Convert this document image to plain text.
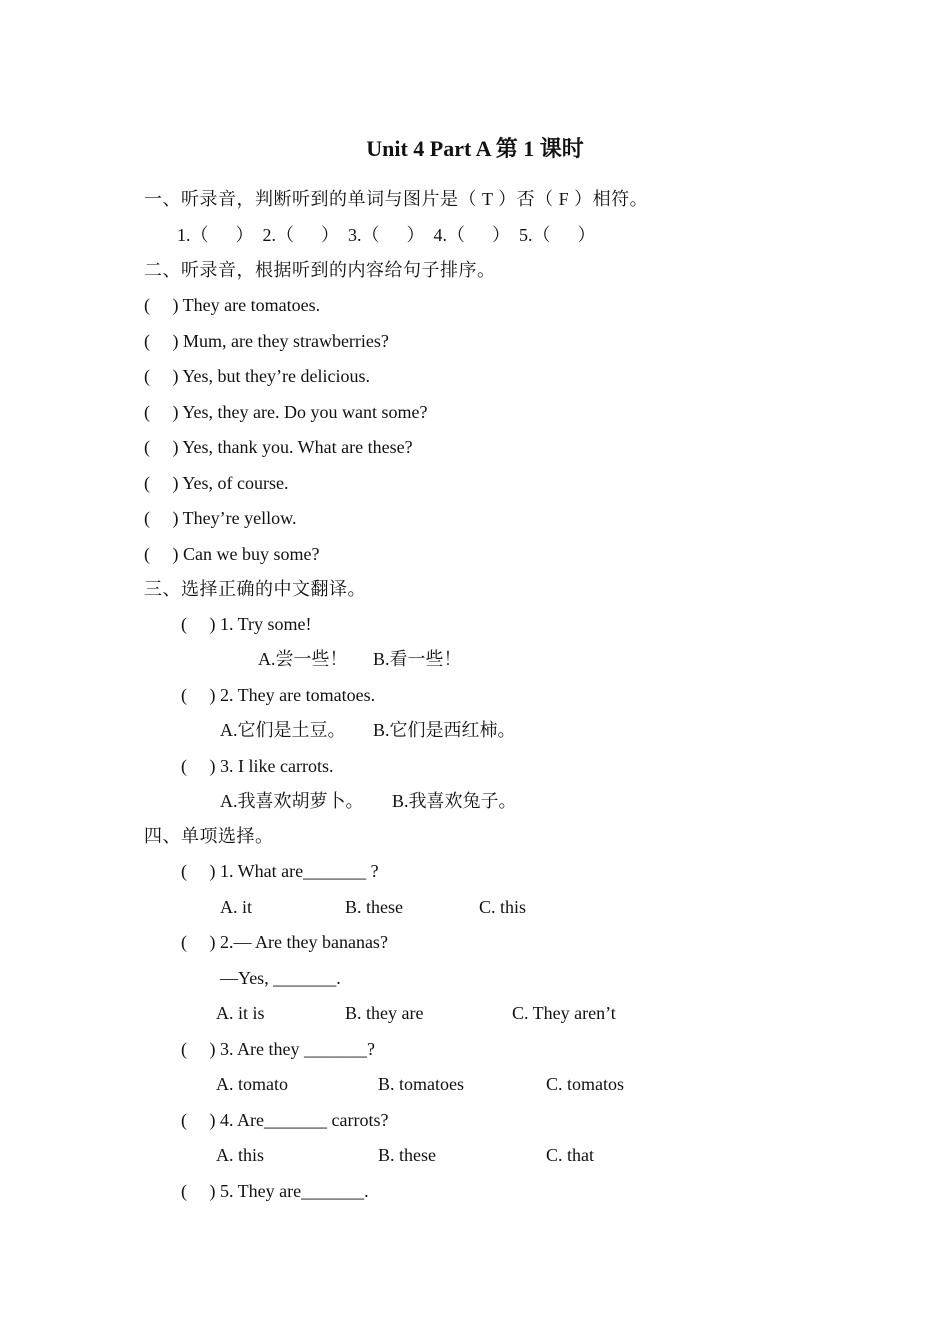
Unit 4 Part A 第 1 课时
一、听录音，判断听到的单词与图片是（ T ）否（ F ）相符。
1.（      ）  2.（      ）  3.（      ）  4.（      ）  5.（      ）
二、听录音，根据听到的内容给句子排序。
(     ) They are tomatoes.
(     ) Mum, are they strawberries?
(     ) Yes, but they’re delicious.
(     ) Yes, they are. Do you want some?
(     ) Yes, thank you. What are these?
(     ) Yes, of course.
(     ) They’re yellow.
(     ) Can we buy some?
三、选择正确的中文翻译。
(     ) 1. Try some!
A.尝一些！ B.看一些！
(     ) 2. They are tomatoes.
A.它们是土豆。 B.它们是西红柿。
(     ) 3. I like carrots.
A.我喜欢胡萝卜。 B.我喜欢兔子。
四、单项选择。
(     ) 1. What are_______ ?
A. it	B. these	C. this
(     ) 2.— Are they bananas?
—Yes, _______.
A. it is	B. they are	C. They aren’t
(     ) 3. Are they _______?
A. tomato	B. tomatoes	C. tomatos
(     ) 4. Are_______ carrots?
A. this	B. these	C. that
(     ) 5. They are_______.
